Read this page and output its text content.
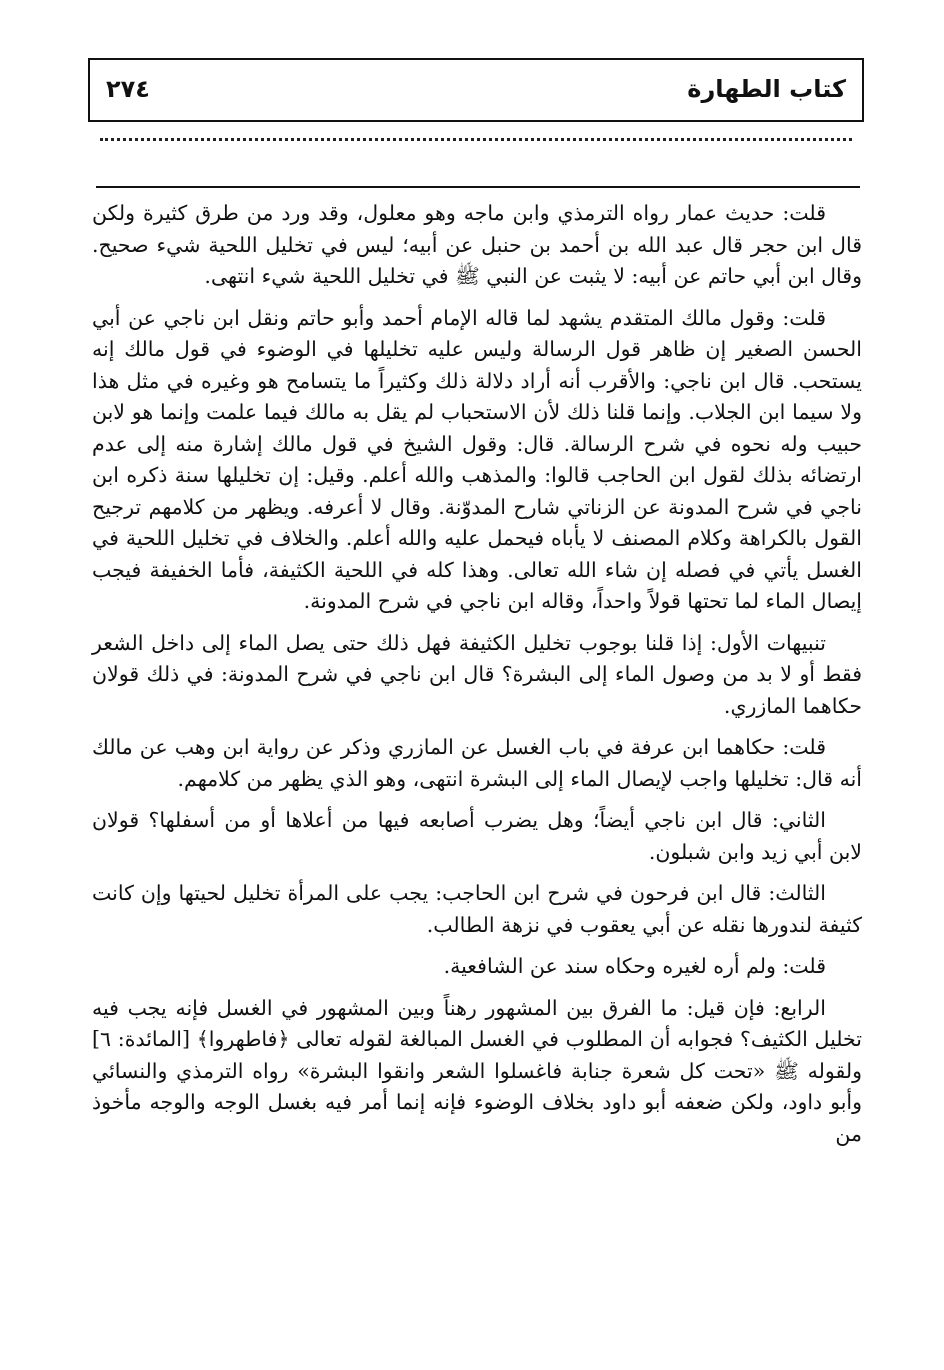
كتاب الطهارة
٢٧٤

قلت: حديث عمار رواه الترمذي وابن ماجه وهو معلول، وقد ورد من طرق كثيرة ولكن قال ابن حجر قال عبد الله بن أحمد بن حنبل عن أبيه؛ ليس في تخليل اللحية شيء صحيح. وقال ابن أبي حاتم عن أبيه: لا يثبت عن النبي ﷺ في تخليل اللحية شيء انتهى.

قلت: وقول مالك المتقدم يشهد لما قاله الإمام أحمد وأبو حاتم ونقل ابن ناجي عن أبي الحسن الصغير إن ظاهر قول الرسالة وليس عليه تخليلها في الوضوء في قول مالك إنه يستحب. قال ابن ناجي: والأقرب أنه أراد دلالة ذلك وكثيراً ما يتسامح هو وغيره في مثل هذا ولا سيما ابن الجلاب. وإنما قلنا ذلك لأن الاستحباب لم يقل به مالك فيما علمت وإنما هو لابن حبيب وله نحوه في شرح الرسالة. قال: وقول الشيخ في قول مالك إشارة منه إلى عدم ارتضائه بذلك لقول ابن الحاجب قالوا: والمذهب والله أعلم. وقيل: إن تخليلها سنة ذكره ابن ناجي في شرح المدونة عن الزناتي شارح المدوّنة. وقال لا أعرفه. ويظهر من كلامهم ترجيح القول بالكراهة وكلام المصنف لا يأباه فيحمل عليه والله أعلم. والخلاف في تخليل اللحية في الغسل يأتي في فصله إن شاء الله تعالى. وهذا كله في اللحية الكثيفة، فأما الخفيفة فيجب إيصال الماء لما تحتها قولاً واحداً، وقاله ابن ناجي في شرح المدونة.

تنبيهات الأول: إذا قلنا بوجوب تخليل الكثيفة فهل ذلك حتى يصل الماء إلى داخل الشعر فقط أو لا بد من وصول الماء إلى البشرة؟ قال ابن ناجي في شرح المدونة: في ذلك قولان حكاهما المازري.

قلت: حكاهما ابن عرفة في باب الغسل عن المازري وذكر عن رواية ابن وهب عن مالك أنه قال: تخليلها واجب لإيصال الماء إلى البشرة انتهى، وهو الذي يظهر من كلامهم.

الثاني: قال ابن ناجي أيضاً؛ وهل يضرب أصابعه فيها من أعلاها أو من أسفلها؟ قولان لابن أبي زيد وابن شبلون.

الثالث: قال ابن فرحون في شرح ابن الحاجب: يجب على المرأة تخليل لحيتها وإن كانت كثيفة لندورها نقله عن أبي يعقوب في نزهة الطالب.

قلت: ولم أره لغيره وحكاه سند عن الشافعية.

الرابع: فإن قيل: ما الفرق بين المشهور رهناً وبين المشهور في الغسل فإنه يجب فيه تخليل الكثيف؟ فجوابه أن المطلوب في الغسل المبالغة لقوله تعالى ﴿فاطهروا﴾ [المائدة: ٦] ولقوله ﷺ «تحت كل شعرة جنابة فاغسلوا الشعر وانقوا البشرة» رواه الترمذي والنسائي وأبو داود، ولكن ضعفه أبو داود بخلاف الوضوء فإنه إنما أمر فيه بغسل الوجه والوجه مأخوذ من
